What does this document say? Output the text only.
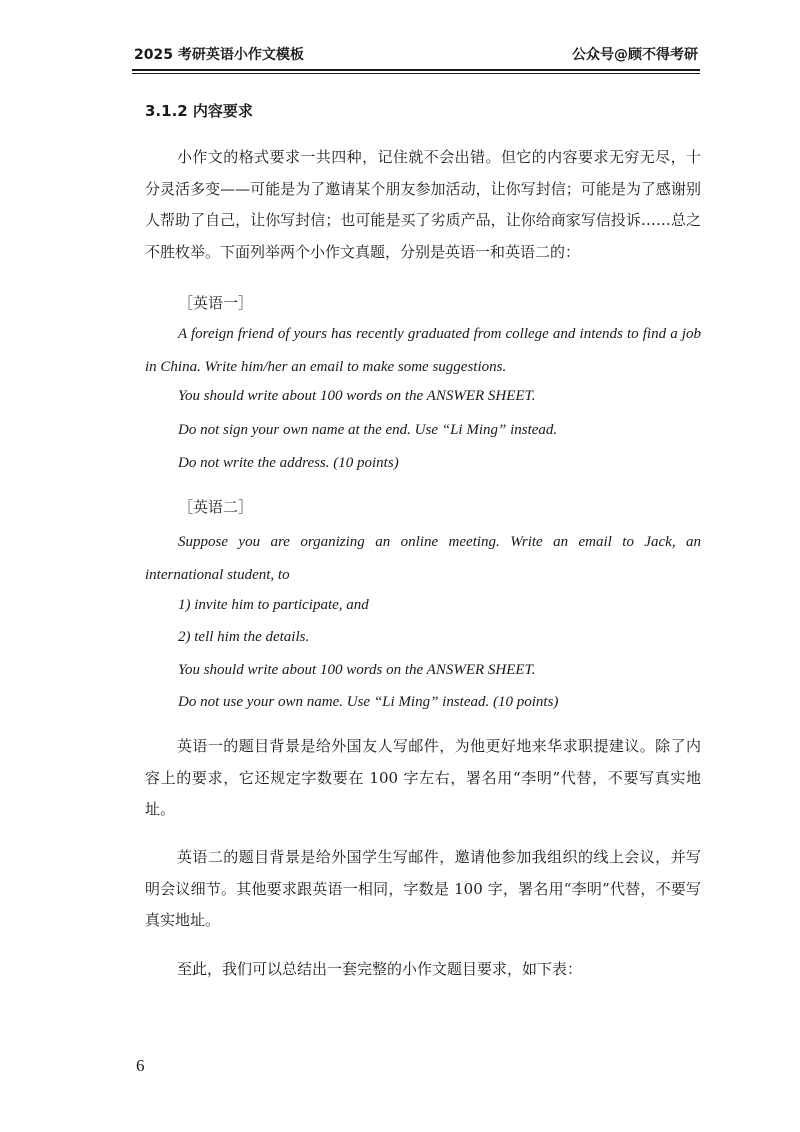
2025 考研英语小作文模板	公众号@顾不得考研
3.1.2 内容要求

小作文的格式要求一共四种，记住就不会出错。但它的内容要求无穷无尽，十分灵活多变——可能是为了邀请某个朋友参加活动，让你写封信；可能是为了感谢别人帮助了自己，让你写封信；也可能是买了劣质产品，让你给商家写信投诉……总之不胜枚举。下面列举两个小作文真题，分别是英语一和英语二的：

［英语一］

A foreign friend of yours has recently graduated from college and intends to find a job in China. Write him/her an email to make some suggestions.

You should write about 100 words on the ANSWER SHEET.
Do not sign your own name at the end. Use “Li Ming” instead.
Do not write the address. (10 points)
［英语二］

Suppose you are organizing an online meeting. Write an email to Jack, an international student, to

1) invite him to participate, and
2) tell him the details.
You should write about 100 words on the ANSWER SHEET.
Do not use your own name. Use “Li Ming” instead. (10 points)

英语一的题目背景是给外国友人写邮件，为他更好地来华求职提建议。除了内容上的要求，它还规定字数要在 100 字左右，署名用“李明”代替，不要写真实地址。

英语二的题目背景是给外国学生写邮件，邀请他参加我组织的线上会议，并写明会议细节。其他要求跟英语一相同，字数是 100 字，署名用“李明”代替，不要写真实地址。

至此，我们可以总结出一套完整的小作文题目要求，如下表：

6
